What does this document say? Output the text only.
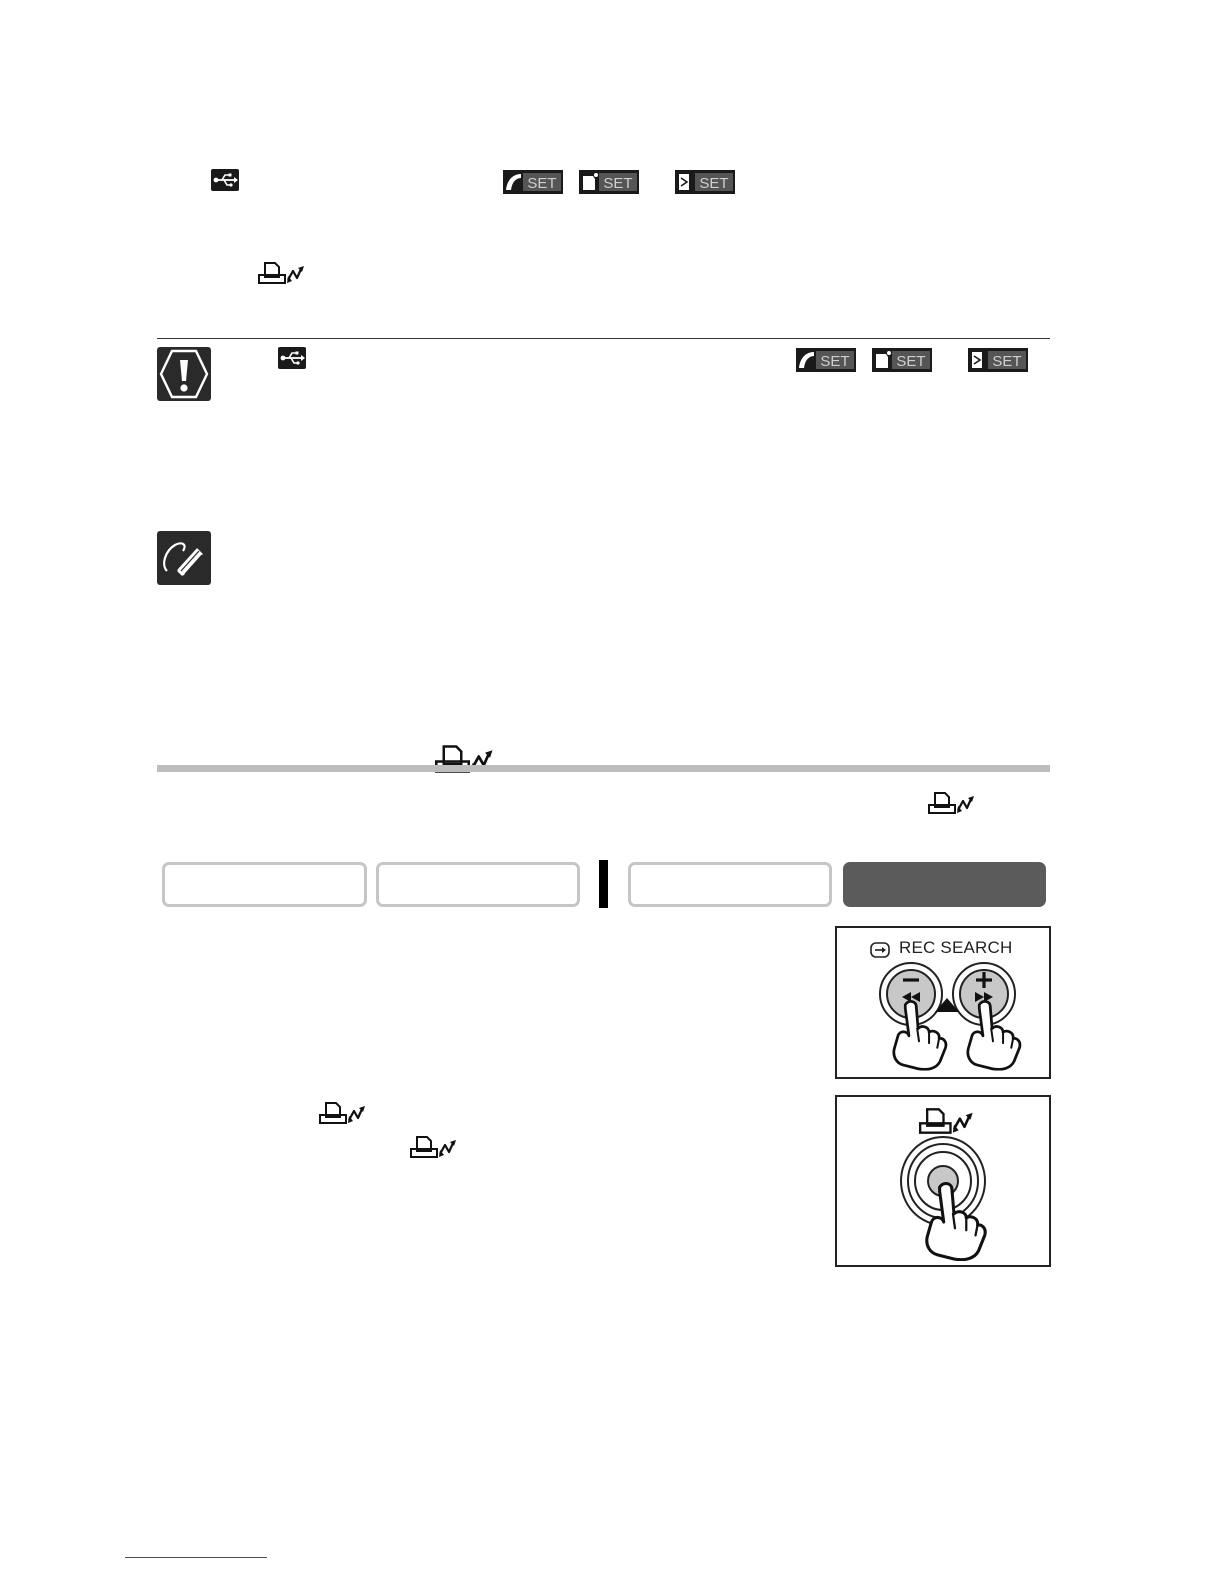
REC SEARCH
